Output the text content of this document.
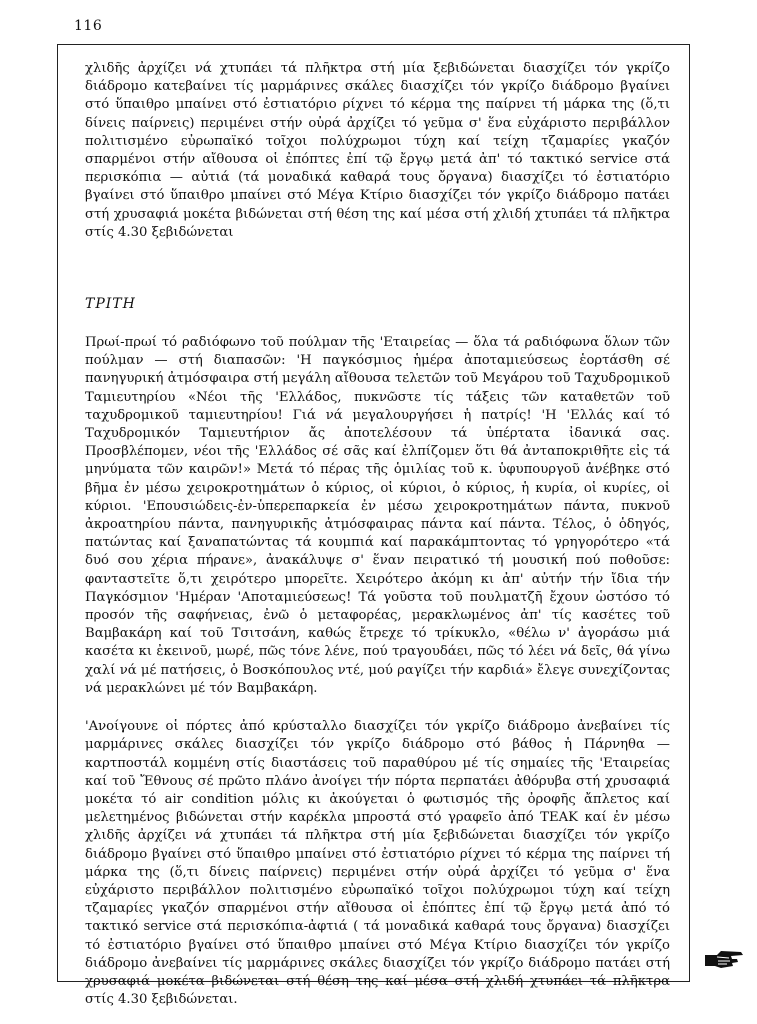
116

χλιδῆς ἀρχίζει νά χτυπάει τά πλῆκτρα στή μία ξεβιδώνεται διασχίζει τόν γκρίζο διάδρομο κατεβαίνει τίς μαρμάρινες σκάλες διασχίζει τόν γκρίζο διάδρομο βγαίνει στό ὕπαιθρο μπαίνει στό ἐστιατόριο ρίχνει τό κέρμα της παίρνει τή μάρκα της (ὅ,τι δίνεις παίρνεις) περιμένει στήν οὐρά ἀρχίζει τό γεῦμα σ' ἕνα εὐχάριστο περιβάλλον πολιτισμένο εὐρωπαϊκό τοῖχοι πολύχρωμοι τύχη καί τείχη τζαμαρίες γκαζόν σπαρμένοι στήν αἴθουσα οἱ ἐπόπτες ἐπί τῷ ἔργῳ μετά ἀπ' τό τακτικό service στά περισκόπια — αὐτιά (τά μοναδικά καθαρά τους ὄργανα) διασχίζει τό ἐστιατόριο βγαίνει στό ὕπαιθρο μπαίνει στό Μέγα Κτίριο διασχίζει τόν γκρίζο διάδρομο πατάει στή χρυσαφιά μοκέτα βιδώνεται στή θέση της καί μέσα στή χλιδή χτυπάει τά πλῆκτρα στίς 4.30 ξεβιδώνεται

ΤΡΙΤΗ

Πρωί-πρωί τό ραδιόφωνο τοῦ πούλμαν τῆς 'Εταιρείας — ὅλα τά ραδιόφωνα ὅλων τῶν πούλμαν — στή διαπασῶν: 'Η παγκόσμιος ἡμέρα ἀποταμιεύσεως ἑορτάσθη σέ πανηγυρική ἀτμόσφαιρα στή μεγάλη αἴθουσα τελετῶν τοῦ Μεγάρου τοῦ Ταχυδρομικοῦ Ταμιευτηρίου «Νέοι τῆς 'Ελλάδος, πυκνῶστε τίς τάξεις τῶν καταθετῶν τοῦ ταχυδρομικοῦ ταμιευτηρίου! Γιά νά μεγαλουργήσει ἡ πατρίς! 'Η 'Ελλάς καί τό Ταχυδρομικόν Ταμιευτήριον ἄς ἀποτελέσουν τά ὑπέρτατα ἰδανικά σας. Προσβλέπομεν, νέοι τῆς 'Ελλάδος σέ σᾶς καί ἐλπίζομεν ὅτι θά ἀνταποκριθῆτε εἰς τά μηνύματα τῶν καιρῶν!» Μετά τό πέρας τῆς ὁμιλίας τοῦ κ. ὑφυπουργοῦ ἀνέβηκε στό βῆμα ἐν μέσω χειροκροτημάτων ὁ κύριος, οἱ κύριοι, ὁ κύριος, ἡ κυρία, οἱ κυρίες, οἱ κύριοι. 'Επουσιώδεις-ἐν-ὑπερεπαρκεία ἐν μέσω χειροκροτημάτων πάντα, πυκνοῦ ἀκροατηρίου πάντα, πανηγυρικῆς ἀτμόσφαιρας πάντα καί πάντα. Τέλος, ὁ ὁδηγός, πατώντας καί ξαναπατώντας τά κουμπιά καί παρακάμπτοντας τό γρηγορότερο «τά δυό σου χέρια πήρανε», ἀνακάλυψε σ' ἕναν πειρατικό τή μουσική πού ποθοῦσε: φανταστεῖτε ὅ,τι χειρότερο μπορεῖτε. Χειρότερο ἀκόμη κι ἀπ' αὐτήν τήν ἴδια τήν Παγκόσμιον 'Ημέραν 'Αποταμιεύσεως! Τά γοῦστα τοῦ πουλματζῆ ἔχουν ὡστόσο τό προσόν τῆς σαφήνειας, ἐνῶ ὁ μεταφορέας, μερακλωμένος ἀπ' τίς κασέτες τοῦ Βαμβακάρη καί τοῦ Τσιτσάνη, καθώς ἔτρεχε τό τρίκυκλο, «θέλω ν' ἀγοράσω μιά κασέτα κι ἐκεινοῦ, μωρέ, πῶς τόνε λένε, πού τραγουδάει, πῶς τό λέει νά δεῖς, θά γίνω χαλί νά μέ πατήσεις, ὁ Βοσκόπουλος ντέ, μού ραγίζει τήν καρδιά» ἔλεγε συνεχίζοντας νά μερακλώνει μέ τόν Βαμβακάρη.

'Ανοίγουνε οἱ πόρτες ἀπό κρύσταλλο διασχίζει τόν γκρίζο διάδρομο ἀνεβαίνει τίς μαρμάρινες σκάλες διασχίζει τόν γκρίζο διάδρομο στό βάθος ἡ Πάρνηθα — καρτποστάλ κομμένη στίς διαστάσεις τοῦ παραθύρου μέ τίς σημαίες τῆς 'Εταιρείας καί τοῦ Ἔθνους σέ πρῶτο πλάνο ἀνοίγει τήν πόρτα περπατάει ἀθόρυβα στή χρυσαφιά μοκέτα τό air condition μόλις κι ἀκούγεται ὁ φωτισμός τῆς ὀροφῆς ἄπλετος καί μελετημένος βιδώνεται στήν καρέκλα μπροστά στό γραφεῖο ἀπό TEAK καί ἐν μέσω χλιδῆς ἀρχίζει νά χτυπάει τά πλῆκτρα στή μία ξεβιδώνεται διασχίζει τόν γκρίζο διάδρομο βγαίνει στό ὕπαιθρο μπαίνει στό ἐστιατόριο ρίχνει τό κέρμα της παίρνει τή μάρκα της (ὅ,τι δίνεις παίρνεις) περιμένει στήν οὐρά ἀρχίζει τό γεῦμα σ' ἕνα εὐχάριστο περιβάλλον πολιτισμένο εὐρωπαϊκό τοῖχοι πολύχρωμοι τύχη καί τείχη τζαμαρίες γκαζόν σπαρμένοι στήν αἴθουσα οἱ ἐπόπτες ἐπί τῷ ἔργῳ μετά ἀπό τό τακτικό service στά περισκόπια-ἀφτιά ( τά μοναδικά καθαρά τους ὄργανα) διασχίζει τό ἐστιατόριο βγαίνει στό ὕπαιθρο μπαίνει στό Μέγα Κτίριο διασχίζει τόν γκρίζο διάδρομο ἀνεβαίνει τίς μαρμάρινες σκάλες διασχίζει τόν γκρίζο διάδρομο πατάει στή χρυσαφιά μοκέτα βιδώνεται στή θέση της καί μέσα στή χλιδή χτυπάει τά πλῆκτρα στίς 4.30 ξεβιδώνεται.
